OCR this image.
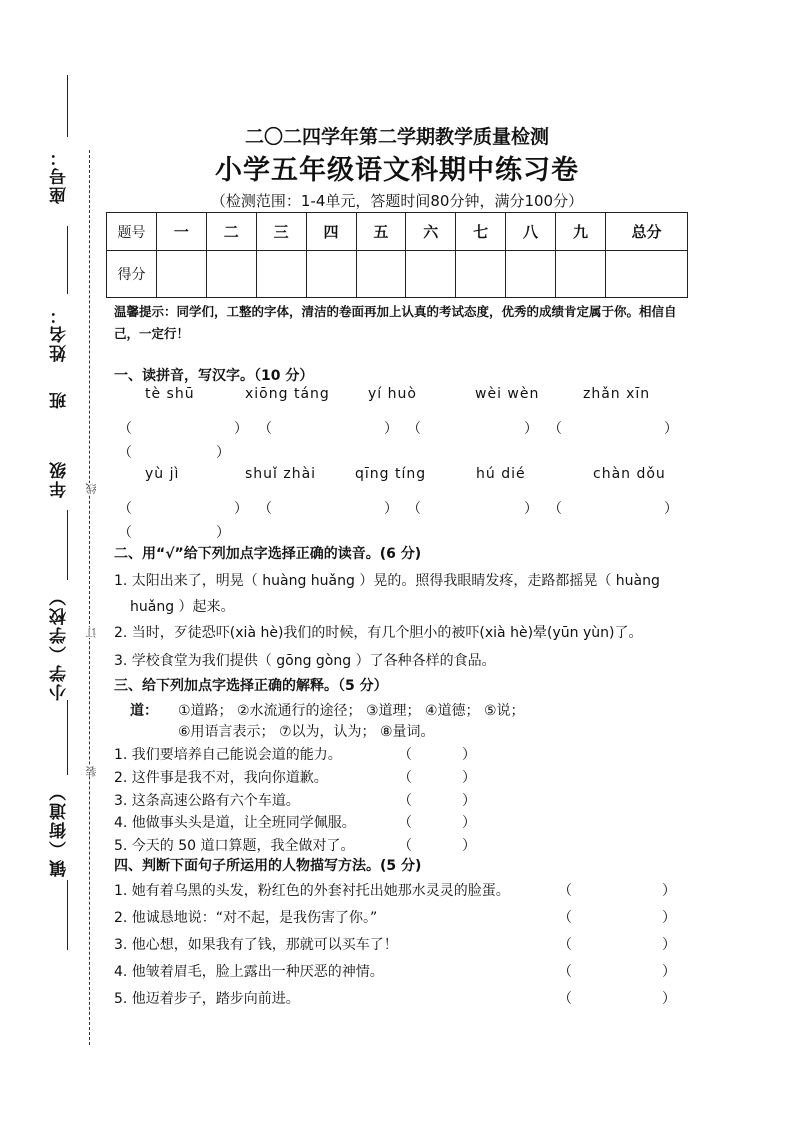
座号：
姓名：
班
年级
小学（学校）
镇（街道）
线
订
装
二〇二四学年第二学期教学质量检测
小学五年级语文科期中练习卷
（检测范围：1-4单元，答题时间80分钟，满分100分）
题号	一	二	三	四	五	六	七	八	九	总分
得分										
温馨提示：同学们，工整的字体，清洁的卷面再加上认真的考试态度，优秀的成绩肯定属于你。相信自己，一定行！
一、读拼音，写汉字。（10 分）
tè shū	xiōng táng	yí huò	wèi wèn	zhǎn xīn
（	） （	） （	） （	）
（	）
yù jì	shuǐ zhài	qīng tíng	hú dié	chàn dǒu
（	） （	） （	） （	）
（	）
二、用“√”给下列加点字选择正确的读音。(6 分)
1. 太阳出来了，明晃（ huàng huǎng ）晃的。照得我眼睛发疼，走路都摇晃（ huàng
huǎng ）起来。
2. 当时，歹徒恐吓(xià hè)我们的时候，有几个胆小的被吓(xià hè)晕(yūn yùn)了。
3. 学校食堂为我们提供（ gōng gòng ）了各种各样的食品。
三、给下列加点字选择正确的解释。（5 分）
道： ①道路； ②水流通行的途径； ③道理； ④道德； ⑤说；
⑥用语言表示； ⑦以为，认为； ⑧量词。
1. 我们要培养自己能说会道的能力。	（	）
2. 这件事是我不对，我向你道歉。	（	）
3. 这条高速公路有六个车道。	（	）
4. 他做事头头是道，让全班同学佩服。	（	）
5. 今天的 50 道口算题，我全做对了。	（	）
四、判断下面句子所运用的人物描写方法。(5 分)
1. 她有着乌黑的头发，粉红色的外套衬托出她那水灵灵的脸蛋。	（	）
2. 他诚恳地说：“对不起，是我伤害了你。”	（	）
3. 他心想，如果我有了钱，那就可以买车了！	（	）
4. 他皱着眉毛，脸上露出一种厌恶的神情。	（	）
5. 他迈着步子，踏步向前进。	（	）
